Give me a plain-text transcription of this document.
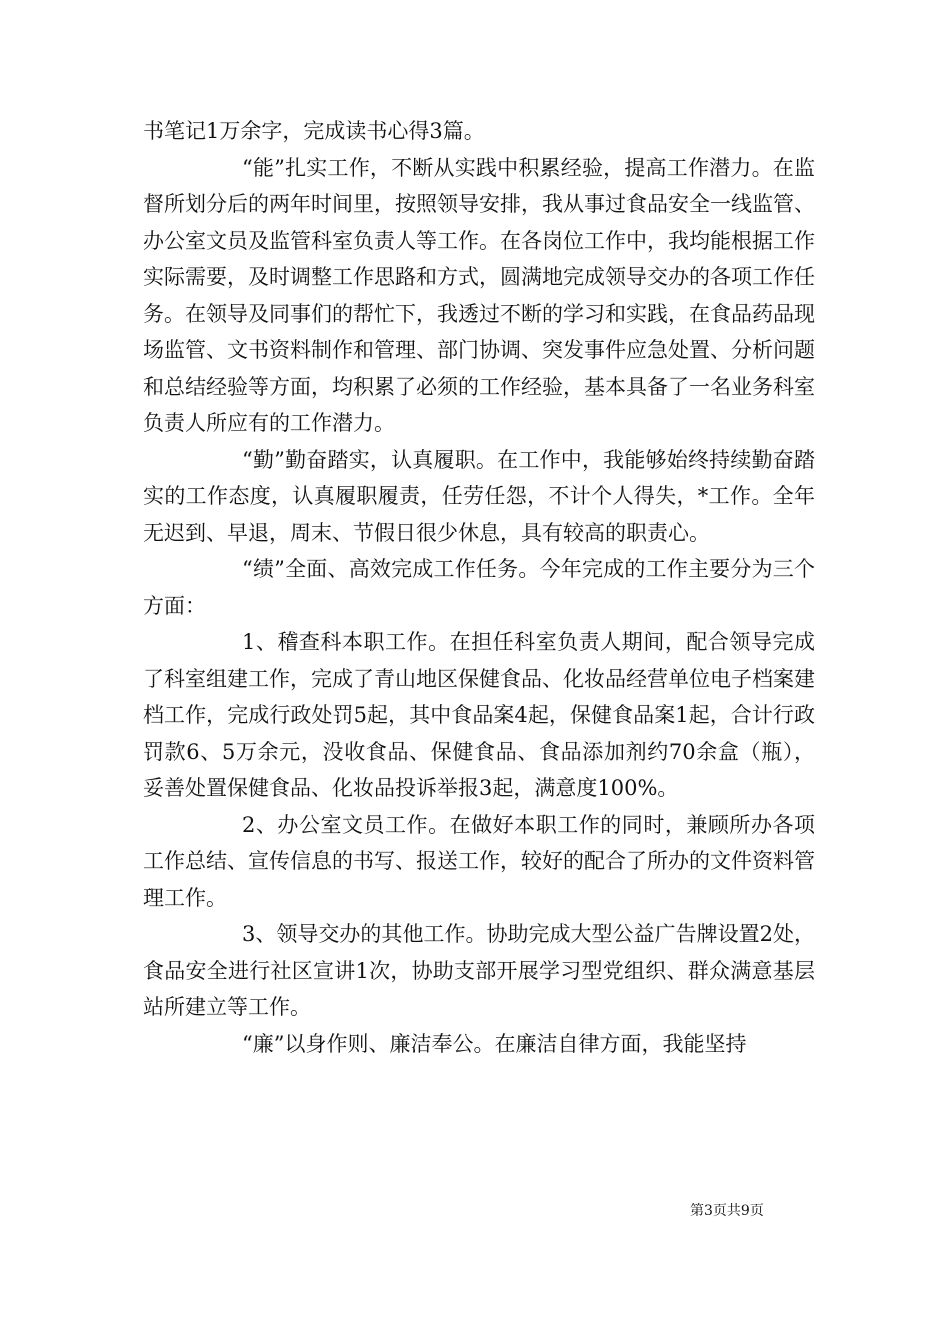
书笔记1万余字，完成读书心得3篇。

“能”扎实工作，不断从实践中积累经验，提高工作潜力。在监督所划分后的两年时间里，按照领导安排，我从事过食品安全一线监管、办公室文员及监管科室负责人等工作。在各岗位工作中，我均能根据工作实际需要，及时调整工作思路和方式，圆满地完成领导交办的各项工作任务。在领导及同事们的帮忙下，我透过不断的学习和实践，在食品药品现场监管、文书资料制作和管理、部门协调、突发事件应急处置、分析问题和总结经验等方面，均积累了必须的工作经验，基本具备了一名业务科室负责人所应有的工作潜力。

“勤”勤奋踏实，认真履职。在工作中，我能够始终持续勤奋踏实的工作态度，认真履职履责，任劳任怨，不计个人得失，*工作。全年无迟到、早退，周末、节假日很少休息，具有较高的职责心。

“绩”全面、高效完成工作任务。今年完成的工作主要分为三个方面：

1、稽查科本职工作。在担任科室负责人期间，配合领导完成了科室组建工作，完成了青山地区保健食品、化妆品经营单位电子档案建档工作，完成行政处罚5起，其中食品案4起，保健食品案1起，合计行政罚款6、5万余元，没收食品、保健食品、食品添加剂约70余盒（瓶），妥善处置保健食品、化妆品投诉举报3起，满意度100%。

2、办公室文员工作。在做好本职工作的同时，兼顾所办各项工作总结、宣传信息的书写、报送工作，较好的配合了所办的文件资料管理工作。

3、领导交办的其他工作。协助完成大型公益广告牌设置2处，食品安全进行社区宣讲1次，协助支部开展学习型党组织、群众满意基层站所建立等工作。

“廉”以身作则、廉洁奉公。在廉洁自律方面，我能坚持

第3页共9页
